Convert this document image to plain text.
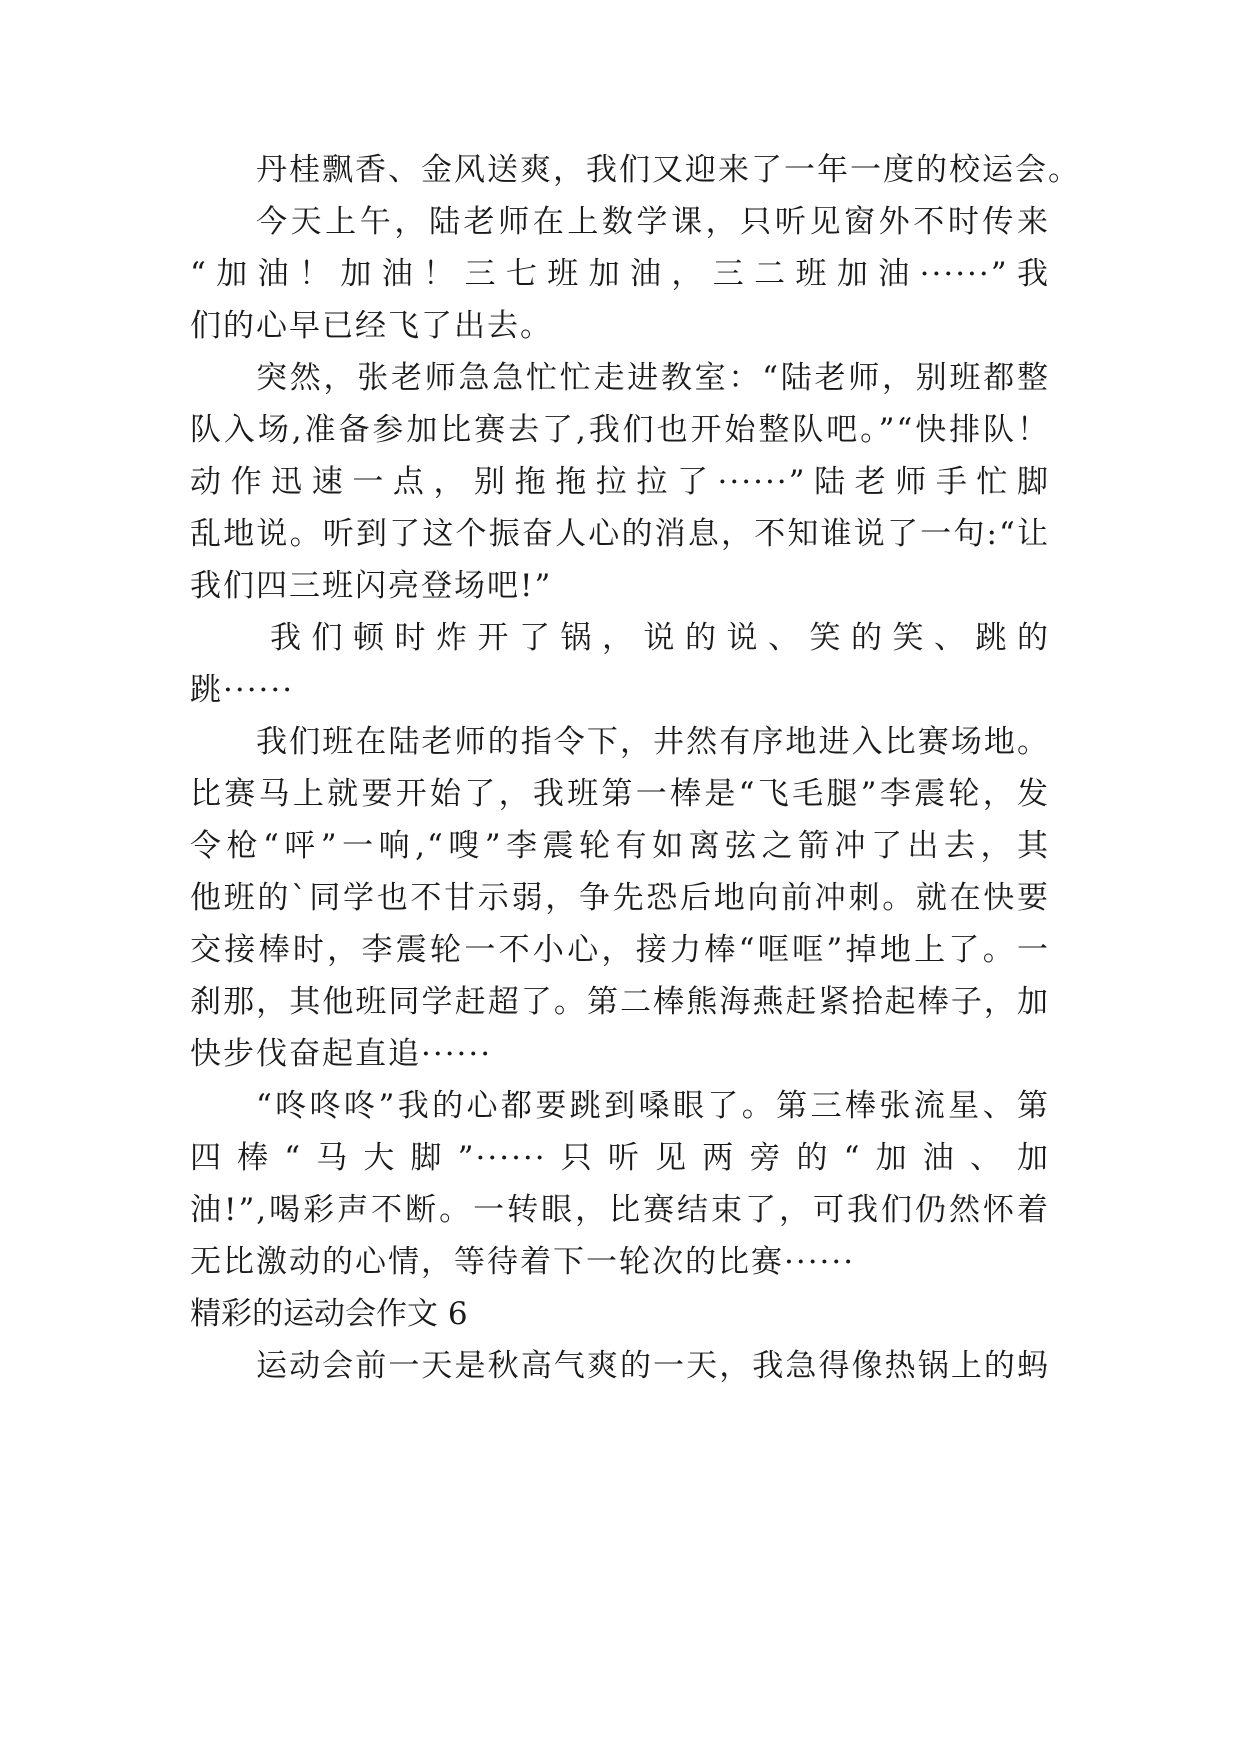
丹桂飘香、金风送爽，我们又迎来了一年一度的校运会。
今天上午，陆老师在上数学课，只听见窗外不时传来
“加油！加油！三七班加油，三二班加油······”我
们的心早已经飞了出去。
突然，张老师急急忙忙走进教室：“陆老师，别班都整
队入场,准备参加比赛去了,我们也开始整队吧。”“快排队！
动作迅速一点，别拖拖拉拉了······”陆老师手忙脚
乱地说。听到了这个振奋人心的消息，不知谁说了一句:“让
我们四三班闪亮登场吧!”
我们顿时炸开了锅，说的说、笑的笑、跳的
跳······
我们班在陆老师的指令下，井然有序地进入比赛场地。
比赛马上就要开始了，我班第一棒是“飞毛腿”李震轮，发
令枪“呯”一响,“嗖”李震轮有如离弦之箭冲了出去，其
他班的`同学也不甘示弱，争先恐后地向前冲刺。就在快要
交接棒时，李震轮一不小心，接力棒“哐哐”掉地上了。一
刹那，其他班同学赶超了。第二棒熊海燕赶紧拾起棒子，加
快步伐奋起直追······
“咚咚咚”我的心都要跳到嗓眼了。第三棒张流星、第
四棒“马大脚”······只听见两旁的“加油、加
油!”,喝彩声不断。一转眼，比赛结束了，可我们仍然怀着
无比激动的心情，等待着下一轮次的比赛······
精彩的运动会作文 6
运动会前一天是秋高气爽的一天，我急得像热锅上的蚂
